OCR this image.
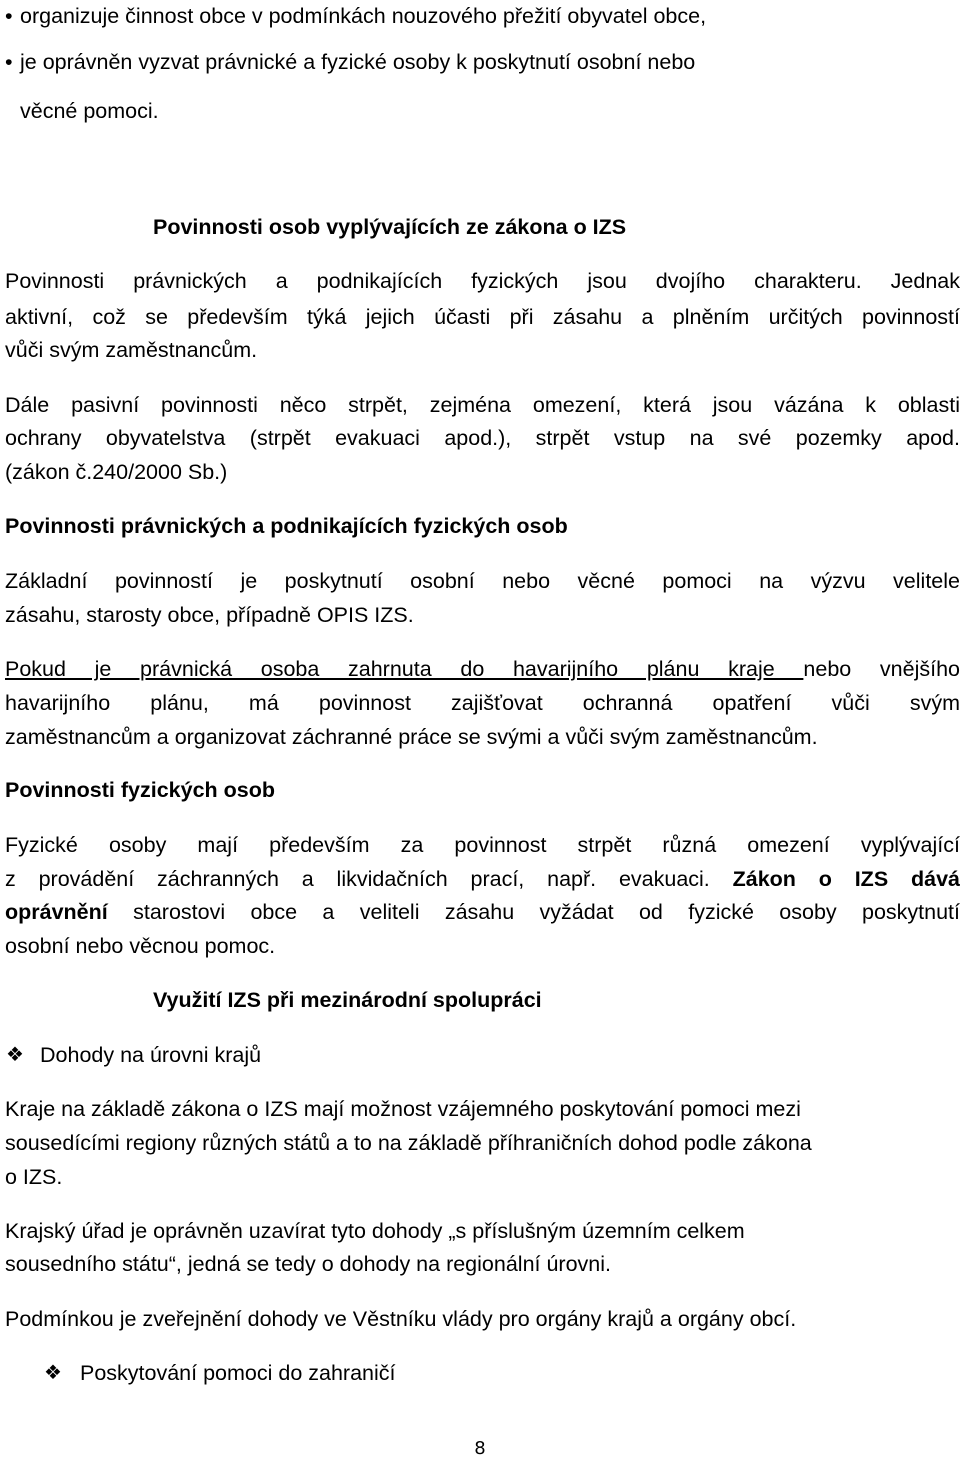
• organizuje činnost obce v podmínkách nouzového přežití obyvatel obce,
• je oprávněn vyzvat právnické a fyzické osoby k poskytnutí osobní nebo
věcné pomoci.
Povinnosti osob vyplývajících ze zákona o IZS
Povinnosti právnických a podnikajících fyzických jsou dvojího charakteru. Jednak
aktivní, což se především týká jejich účasti při zásahu a plněním určitých povinností
vůči svým zaměstnancům.
Dále pasivní povinnosti něco strpět, zejména omezení, která jsou vázána k oblasti
ochrany obyvatelstva (strpět evakuaci apod.), strpět vstup na své pozemky apod.
(zákon č.240/2000 Sb.)
Povinnosti právnických a podnikajících fyzických osob
Základní povinností je poskytnutí osobní nebo věcné pomoci na výzvu velitele
zásahu, starosty obce, případně OPIS IZS.
Pokud je právnická osoba zahrnuta do havarijního plánu kraje nebo vnějšího
havarijního plánu, má povinnost zajišťovat ochranná opatření vůči svým
zaměstnancům a organizovat záchranné práce se svými a vůči svým zaměstnancům.
Povinnosti fyzických osob
Fyzické osoby mají především za povinnost strpět různá omezení vyplývající
z provádění záchranných a likvidačních prací, např. evakuaci. Zákon o IZS dává
oprávnění starostovi obce a veliteli zásahu vyžádat od fyzické osoby poskytnutí
osobní nebo věcnou pomoc.
Využití IZS při mezinárodní spolupráci
❖ Dohody na úrovni krajů
Kraje na základě zákona o IZS mají možnost vzájemného poskytování pomoci mezi
sousedícími regiony různých států a to na základě příhraničních dohod podle zákona
o IZS.
Krajský úřad je oprávněn uzavírat tyto dohody „s příslušným územním celkem
sousedního státu“, jedná se tedy o dohody na regionální úrovni.
Podmínkou je zveřejnění dohody ve Věstníku vlády pro orgány krajů a orgány obcí.
❖ Poskytování pomoci do zahraničí
8
